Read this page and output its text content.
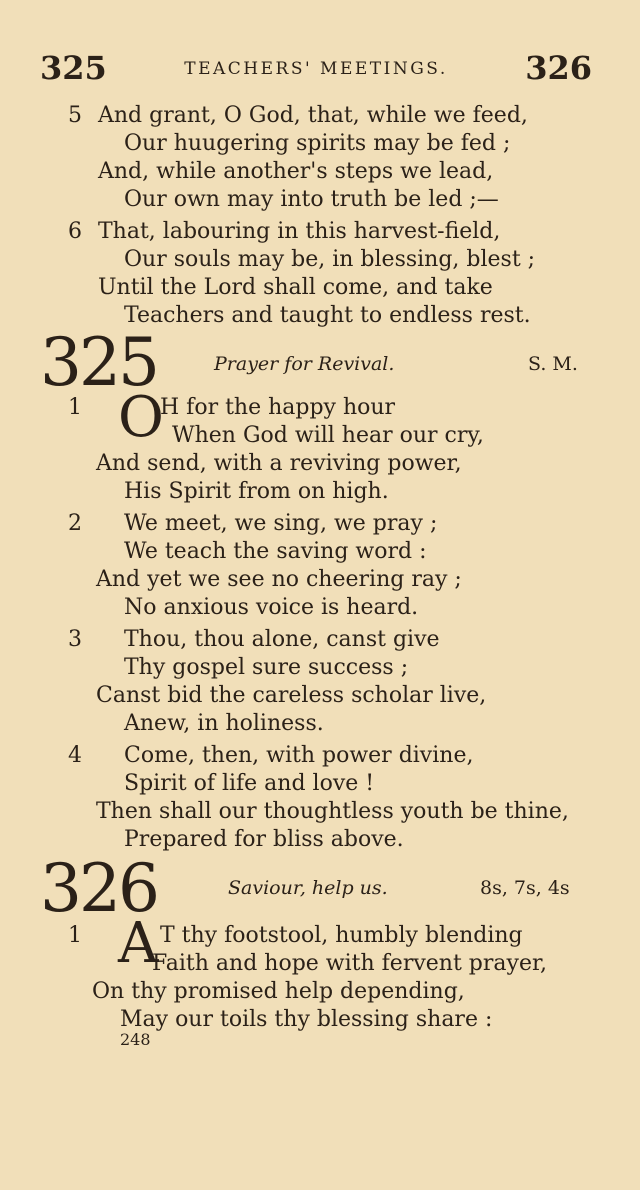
325	TEACHERS' MEETINGS.	326
5 And grant, O God, that, while we feed,
Our huugering spirits may be fed ;
And, while another's steps we lead,
Our own may into truth be led ;—
6 That, labouring in this harvest-field,
Our souls may be, in blessing, blest ;
Until the Lord shall come, and take
Teachers and taught to endless rest.
325	Prayer for Revival.	S. M.
1 O
H for the happy hour
When God will hear our cry,
And send, with a reviving power,
His Spirit from on high.
2 We meet, we sing, we pray ;
We teach the saving word :
And yet we see no cheering ray ;
No anxious voice is heard.
3 Thou, thou alone, canst give
Thy gospel sure success ;
Canst bid the careless scholar live,
Anew, in holiness.
4 Come, then, with power divine,
Spirit of life and love !
Then shall our thoughtless youth be thine,
Prepared for bliss above.
326	Saviour, help us.	8s, 7s, 4s
1 A T thy footstool, humbly blending
Faith and hope with fervent prayer,
On thy promised help depending,
May our toils thy blessing share :
248
